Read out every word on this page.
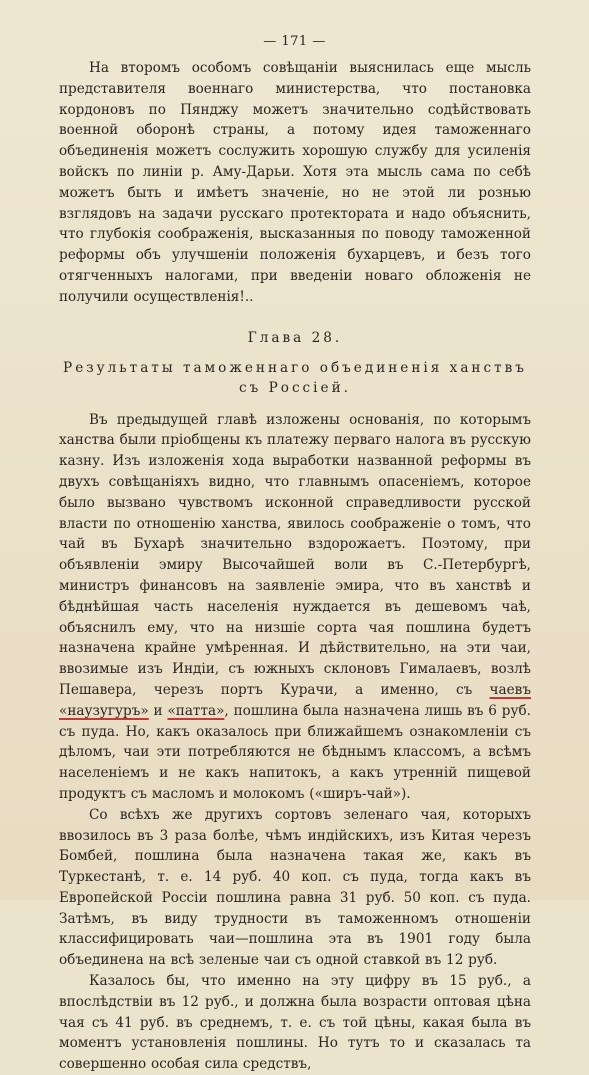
— 171 —

На второмъ особомъ совѣщаніи выяснилась еще мысль представителя военнаго министерства, что постановка кордоновъ по Пянджу можетъ значительно содѣйствовать военной оборонѣ страны, а потому идея таможеннаго объединенія можетъ сослужить хорошую службу для усиленія войскъ по линіи р. Аму-Дарьи. Хотя эта мысль сама по себѣ можетъ быть и имѣетъ значеніе, но не этой ли рознью взглядовъ на задачи русскаго протектората и надо объяснить, что глубокія соображенія, высказанныя по поводу таможенной реформы объ улучшеніи положенія бухарцевъ, и безъ того отягченныхъ налогами, при введеніи новаго обложенія не получили осуществленія!..

Глава 28.
Результаты таможеннаго объединенія ханствъ
съ Россіей.

Въ предыдущей главѣ изложены основанія, по которымъ ханства были пріобщены къ платежу перваго налога въ русскую казну. Изъ изложенія хода выработки названной реформы въ двухъ совѣщаніяхъ видно, что главнымъ опасеніемъ, которое было вызвано чувствомъ исконной справедливости русской власти по отношенію ханства, явилось соображеніе о томъ, что чай въ Бухарѣ значительно вздорожаетъ. Поэтому, при объявленіи эмиру Высочайшей воли въ С.-Петербургѣ, министръ финансовъ на заявленіе эмира, что въ ханствѣ и бѣднѣйшая часть населенія нуждается въ дешевомъ чаѣ, объяснилъ ему, что на низшіе сорта чая пошлина будетъ назначена крайне умѣренная. И дѣйствительно, на эти чаи, ввозимые изъ Индіи, съ южныхъ склоновъ Гималаевъ, возлѣ Пешавера, черезъ портъ Курачи, а именно, съ чаевъ «наузугуръ» и «патта», пошлина была назначена лишь въ 6 руб. съ пуда. Но, какъ оказалось при ближайшемъ ознакомленіи съ дѣломъ, чаи эти потребляются не бѣднымъ классомъ, а всѣмъ населеніемъ и не какъ напитокъ, а какъ утренній пищевой продуктъ съ масломъ и молокомъ («ширъ-чай»).

Со всѣхъ же другихъ сортовъ зеленаго чая, которыхъ ввозилось въ 3 раза болѣе, чѣмъ индійскихъ, изъ Китая черезъ Бомбей, пошлина была назначена такая же, какъ въ Туркестанѣ, т. е. 14 руб. 40 коп. съ пуда, тогда какъ въ Европейской Россіи пошлина равна 31 руб. 50 коп. съ пуда. Затѣмъ, въ виду трудности въ таможенномъ отношеніи классифицировать чаи—пошлина эта въ 1901 году была объединена на всѣ зеленые чаи съ одной ставкой въ 12 руб.

Казалось бы, что именно на эту цифру въ 15 руб., а впослѣдствіи въ 12 руб., и должна была возрасти оптовая цѣна чая съ 41 руб. въ среднемъ, т. е. съ той цѣны, какая была въ моментъ установленія пошлины. Но тутъ то и сказалась та совершенно особая сила средствъ,
